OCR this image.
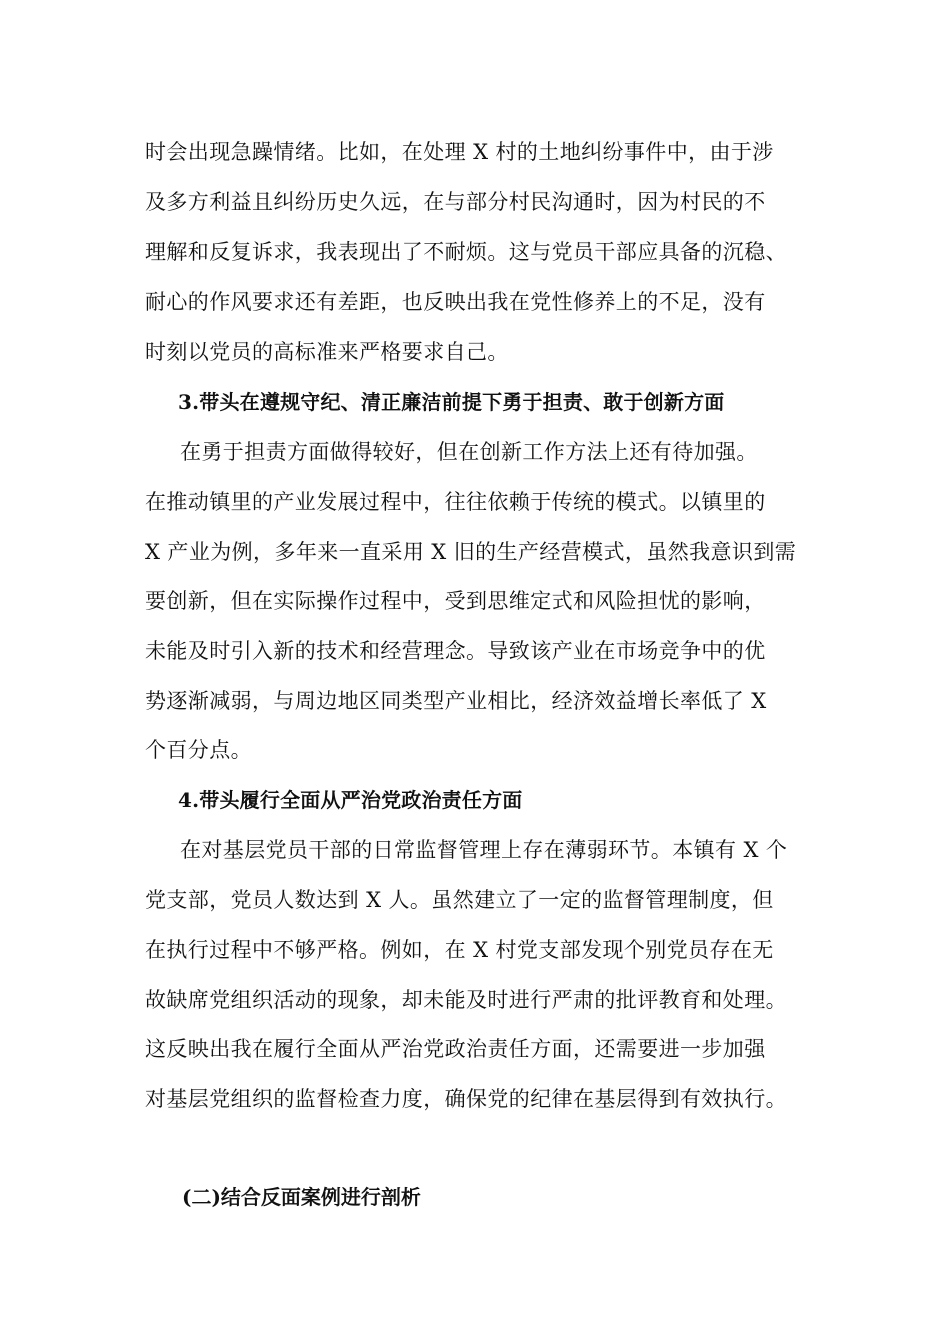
时会出现急躁情绪。比如，在处理 X 村的土地纠纷事件中，由于涉
及多方利益且纠纷历史久远，在与部分村民沟通时，因为村民的不
理解和反复诉求，我表现出了不耐烦。这与党员干部应具备的沉稳、
耐心的作风要求还有差距，也反映出我在党性修养上的不足，没有
时刻以党员的高标准来严格要求自己。
3.带头在遵规守纪、清正廉洁前提下勇于担责、敢于创新方面
在勇于担责方面做得较好，但在创新工作方法上还有待加强。
在推动镇里的产业发展过程中，往往依赖于传统的模式。以镇里的
X 产业为例，多年来一直采用 X 旧的生产经营模式，虽然我意识到需
要创新，但在实际操作过程中，受到思维定式和风险担忧的影响，
未能及时引入新的技术和经营理念。导致该产业在市场竞争中的优
势逐渐减弱，与周边地区同类型产业相比，经济效益增长率低了 X
个百分点。
4.带头履行全面从严治党政治责任方面
在对基层党员干部的日常监督管理上存在薄弱环节。本镇有 X 个
党支部，党员人数达到 X 人。虽然建立了一定的监督管理制度，但
在执行过程中不够严格。例如，在 X 村党支部发现个别党员存在无
故缺席党组织活动的现象，却未能及时进行严肃的批评教育和处理。
这反映出我在履行全面从严治党政治责任方面，还需要进一步加强
对基层党组织的监督检查力度，确保党的纪律在基层得到有效执行。
(二)结合反面案例进行剖析
